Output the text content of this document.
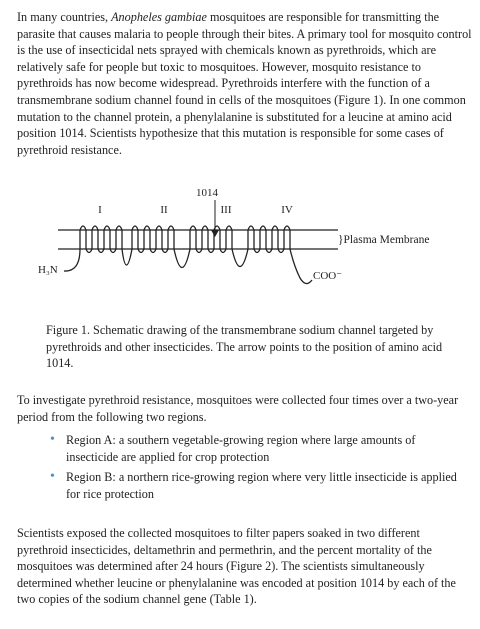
In many countries, Anopheles gambiae mosquitoes are responsible for transmitting the parasite that causes malaria to people through their bites. A primary tool for mosquito control is the use of insecticidal nets sprayed with chemicals known as pyrethroids, which are relatively safe for people but toxic to mosquitoes. However, mosquito resistance to pyrethroids has now become widespread. Pyrethroids interfere with the function of a transmembrane sodium channel found in cells of the mosquitoes (Figure 1). In one common mutation to the channel protein, a phenylalanine is substituted for a leucine at amino acid position 1014. Scientists hypothesize that this mutation is responsible for some cases of pyrethroid resistance.

1014
I	II	III	IV
H₃N	COO⁻
}Plasma Membrane

Figure 1. Schematic drawing of the transmembrane sodium channel targeted by pyrethroids and other insecticides. The arrow points to the position of amino acid 1014.

To investigate pyrethroid resistance, mosquitoes were collected four times over a two-year period from the following two regions.

• Region A: a southern vegetable-growing region where large amounts of insecticide are applied for crop protection
• Region B: a northern rice-growing region where very little insecticide is applied for rice protection

Scientists exposed the collected mosquitoes to filter papers soaked in two different pyrethroid insecticides, deltamethrin and permethrin, and the percent mortality of the mosquitoes was determined after 24 hours (Figure 2). The scientists simultaneously determined whether leucine or phenylalanine was encoded at position 1014 by each of the two copies of the sodium channel gene (Table 1).
